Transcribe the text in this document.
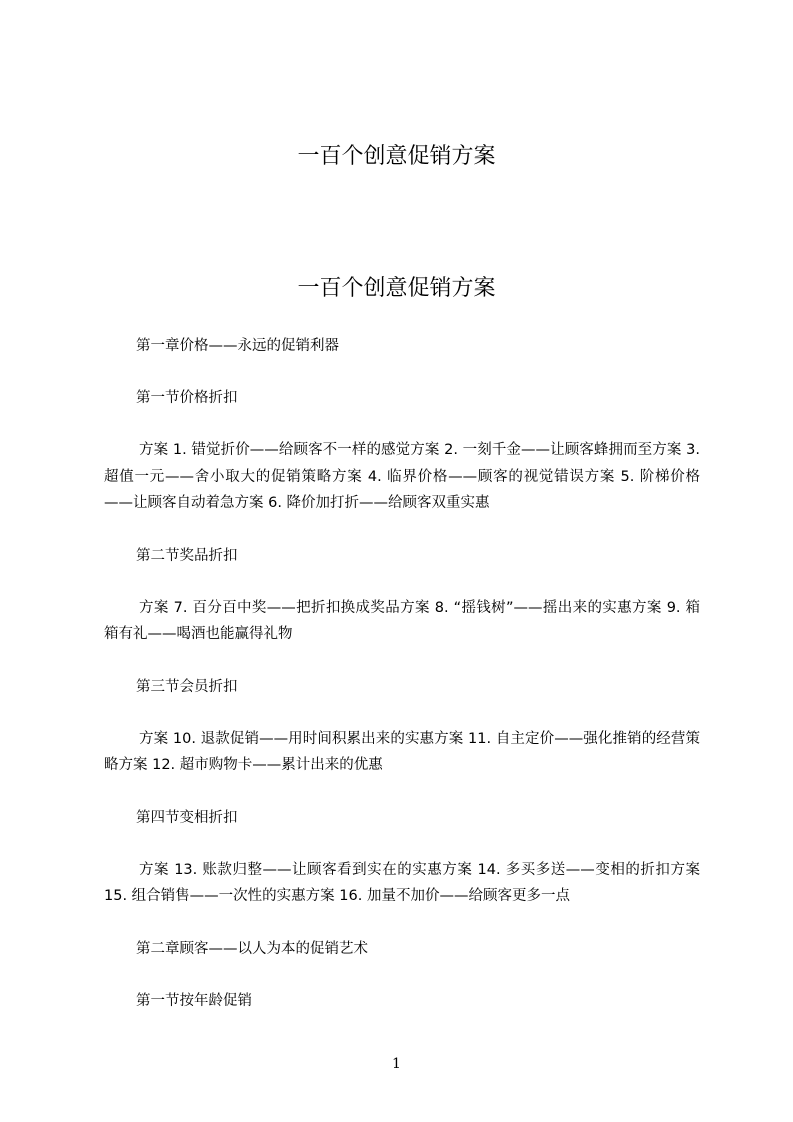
一百个创意促销方案
一百个创意促销方案

第一章价格——永远的促销利器

第一节价格折扣

方案 1. 错觉折价——给顾客不一样的感觉方案 2. 一刻千金——让顾客蜂拥而至方案 3. 超值一元——舍小取大的促销策略方案 4. 临界价格——顾客的视觉错误方案 5. 阶梯价格——让顾客自动着急方案 6. 降价加打折——给顾客双重实惠

第二节奖品折扣

方案 7. 百分百中奖——把折扣换成奖品方案 8. “摇钱树”——摇出来的实惠方案 9. 箱箱有礼——喝酒也能赢得礼物

第三节会员折扣

方案 10. 退款促销——用时间积累出来的实惠方案 11. 自主定价——强化推销的经营策略方案 12. 超市购物卡——累计出来的优惠

第四节变相折扣

方案 13. 账款归整——让顾客看到实在的实惠方案 14. 多买多送——变相的折扣方案 15. 组合销售——一次性的实惠方案 16. 加量不加价——给顾客更多一点

第二章顾客——以人为本的促销艺术

第一节按年龄促销

1
